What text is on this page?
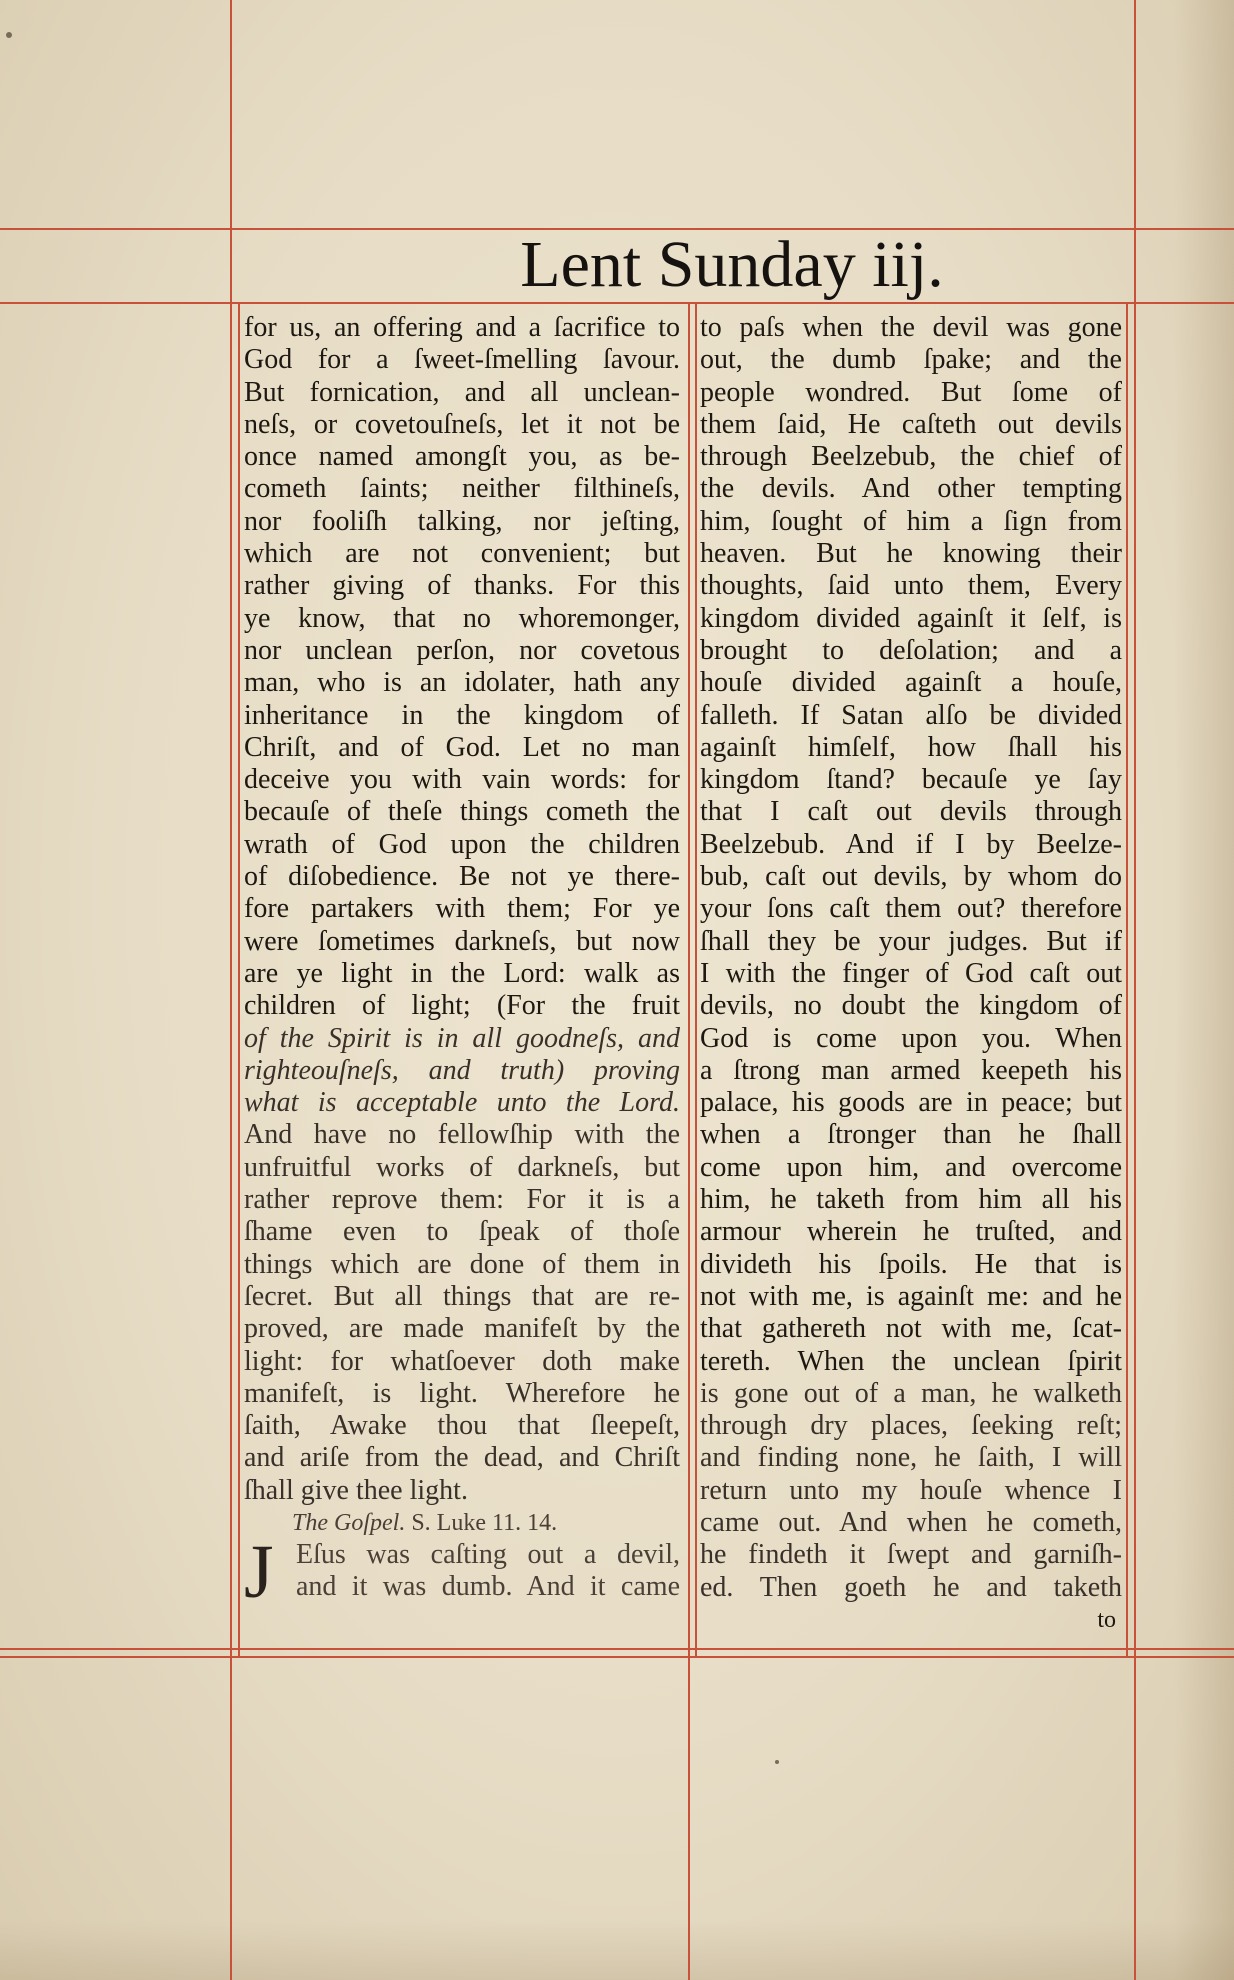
Lent Sunday iij.
for us, an offering and a ſacrifice to
God for a ſweet-ſmelling ſavour.
But fornication, and all unclean-
neſs, or covetouſneſs, let it not be
once named amongſt you, as be-
cometh ſaints; neither filthineſs,
nor fooliſh talking, nor jeſting,
which are not convenient; but
rather giving of thanks. For this
ye know, that no whoremonger,
nor unclean perſon, nor covetous
man, who is an idolater, hath any
inheritance in the kingdom of
Chriſt, and of God. Let no man
deceive you with vain words: for
becauſe of theſe things cometh the
wrath of God upon the children
of diſobedience. Be not ye there-
fore partakers with them; For ye
were ſometimes darkneſs, but now
are ye light in the Lord: walk as
children of light; (For the fruit
of the Spirit is in all goodneſs, and
righteouſneſs, and truth) proving
what is acceptable unto the Lord.
And have no fellowſhip with the
unfruitful works of darkneſs, but
rather reprove them: For it is a
ſhame even to ſpeak of thoſe
things which are done of them in
ſecret. But all things that are re-
proved, are made manifeſt by the
light: for whatſoever doth make
manifeſt, is light. Wherefore he
ſaith, Awake thou that ſleepeſt,
and ariſe from the dead, and Chriſt
ſhall give thee light.
The Goſpel. S. Luke 11. 14.
J Eſus was caſting out a devil,
and it was dumb. And it came
to paſs when the devil was gone
out, the dumb ſpake; and the
people wondred. But ſome of
them ſaid, He caſteth out devils
through Beelzebub, the chief of
the devils. And other tempting
him, ſought of him a ſign from
heaven. But he knowing their
thoughts, ſaid unto them, Every
kingdom divided againſt it ſelf, is
brought to deſolation; and a
houſe divided againſt a houſe,
falleth. If Satan alſo be divided
againſt himſelf, how ſhall his
kingdom ſtand? becauſe ye ſay
that I caſt out devils through
Beelzebub. And if I by Beelze-
bub, caſt out devils, by whom do
your ſons caſt them out? therefore
ſhall they be your judges. But if
I with the finger of God caſt out
devils, no doubt the kingdom of
God is come upon you. When
a ſtrong man armed keepeth his
palace, his goods are in peace; but
when a ſtronger than he ſhall
come upon him, and overcome
him, he taketh from him all his
armour wherein he truſted, and
divideth his ſpoils. He that is
not with me, is againſt me: and he
that gathereth not with me, ſcat-
tereth. When the unclean ſpirit
is gone out of a man, he walketh
through dry places, ſeeking reſt;
and finding none, he ſaith, I will
return unto my houſe whence I
came out. And when he cometh,
he findeth it ſwept and garniſh-
ed. Then goeth he and taketh
to
